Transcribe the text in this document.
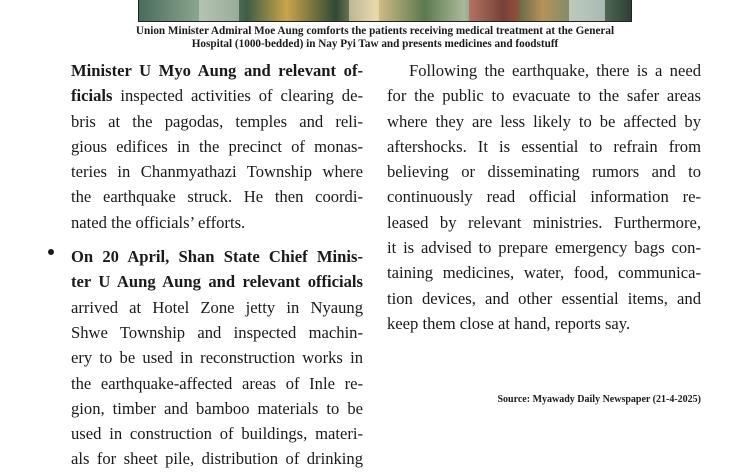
Union Minister Admiral Moe Aung comforts the patients receiving medical treatment at the General
Hospital (1000-bedded) in Nay Pyi Taw and presents medicines and foodstuff

Minister U Myo Aung and relevant of-
ficials inspected activities of clearing de-
bris at the pagodas, temples and reli-
gious edifices in the precinct of monas-
teries in Chanmyathazi Township where
the earthquake struck. He then coordi-
nated the officials’ efforts.

On 20 April, Shan State Chief Minis-
ter U Aung Aung and relevant officials
arrived at Hotel Zone jetty in Nyaung
Shwe Township and inspected machin-
ery to be used in reconstruction works in
the earthquake-affected areas of Inle re-
gion, timber and bamboo materials to be
used in construction of buildings, materi-
als for sheet pile, distribution of drinking

Following the earthquake, there is a need
for the public to evacuate to the safer areas
where they are less likely to be affected by
aftershocks. It is essential to refrain from
believing or disseminating rumors and to
continuously read official information re-
leased by relevant ministries. Furthermore,
it is advised to prepare emergency bags con-
taining medicines, water, food, communica-
tion devices, and other essential items, and
keep them close at hand, reports say.

Source: Myawady Daily Newspaper (21-4-2025)
